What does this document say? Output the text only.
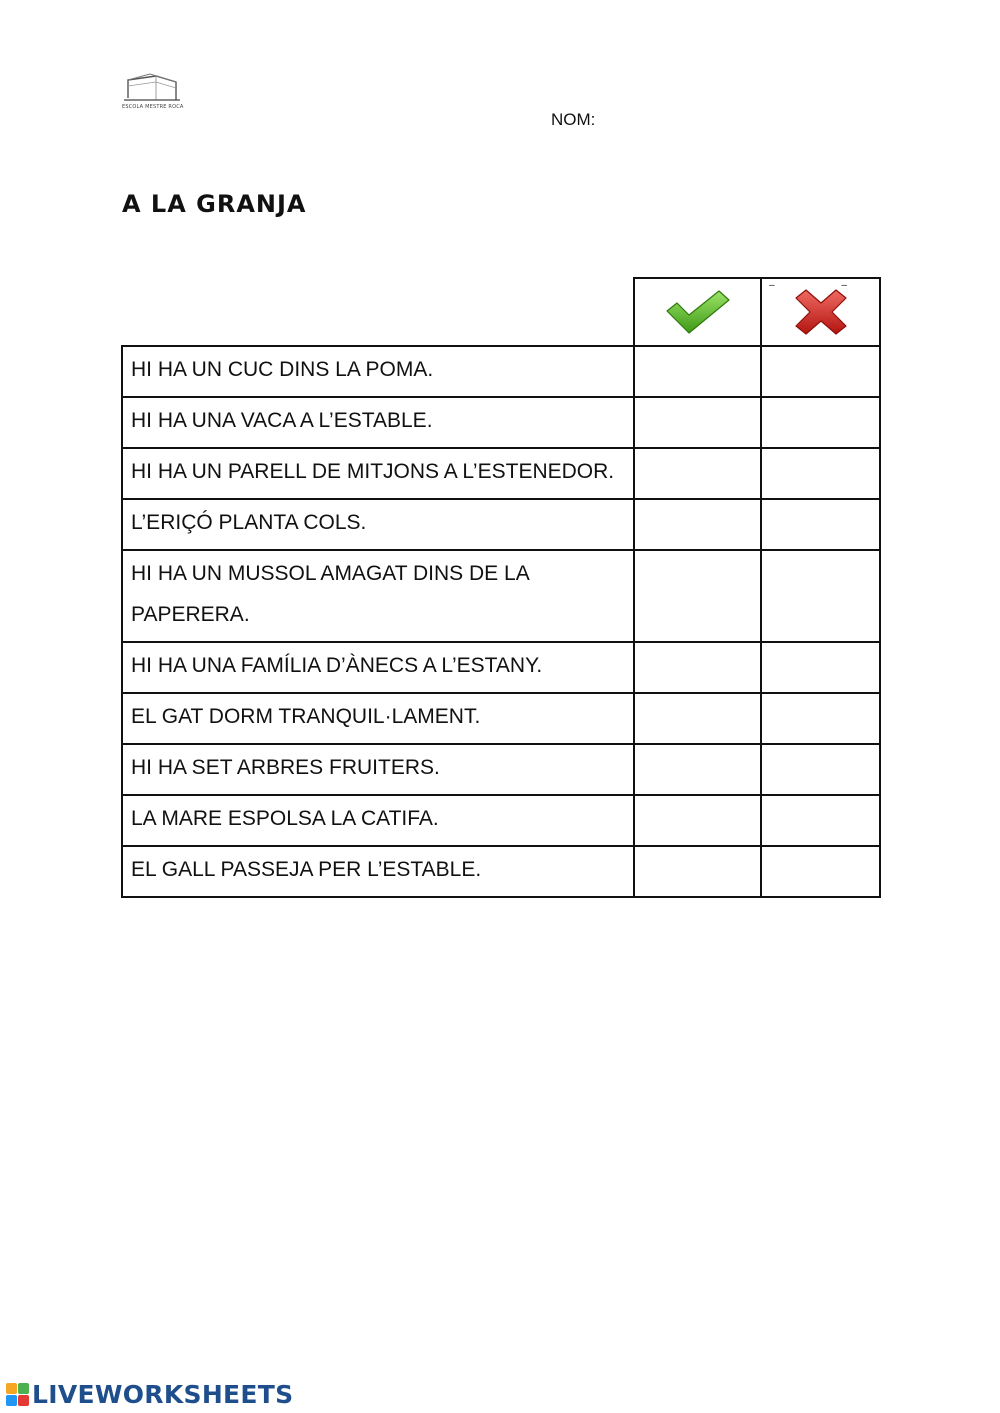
ESCOLA MESTRE ROCA
NOM:
A LA GRANJA

– –

HI HA UN CUC DINS LA POMA.		
HI HA UNA VACA A L’ESTABLE.		
HI HA UN PARELL DE MITJONS A L’ESTENEDOR.		
L’ERIÇÓ PLANTA COLS.		
HI HA UN MUSSOL AMAGAT DINS DE LA PAPERERA.		
HI HA UNA FAMÍLIA D’ÀNECS A L’ESTANY.		
EL GAT DORM TRANQUIL·LAMENT.		
HI HA SET ARBRES FRUITERS.		
LA MARE ESPOLSA LA CATIFA.		
EL GALL PASSEJA PER L’ESTABLE.		
LIVEWORKSHEETS
